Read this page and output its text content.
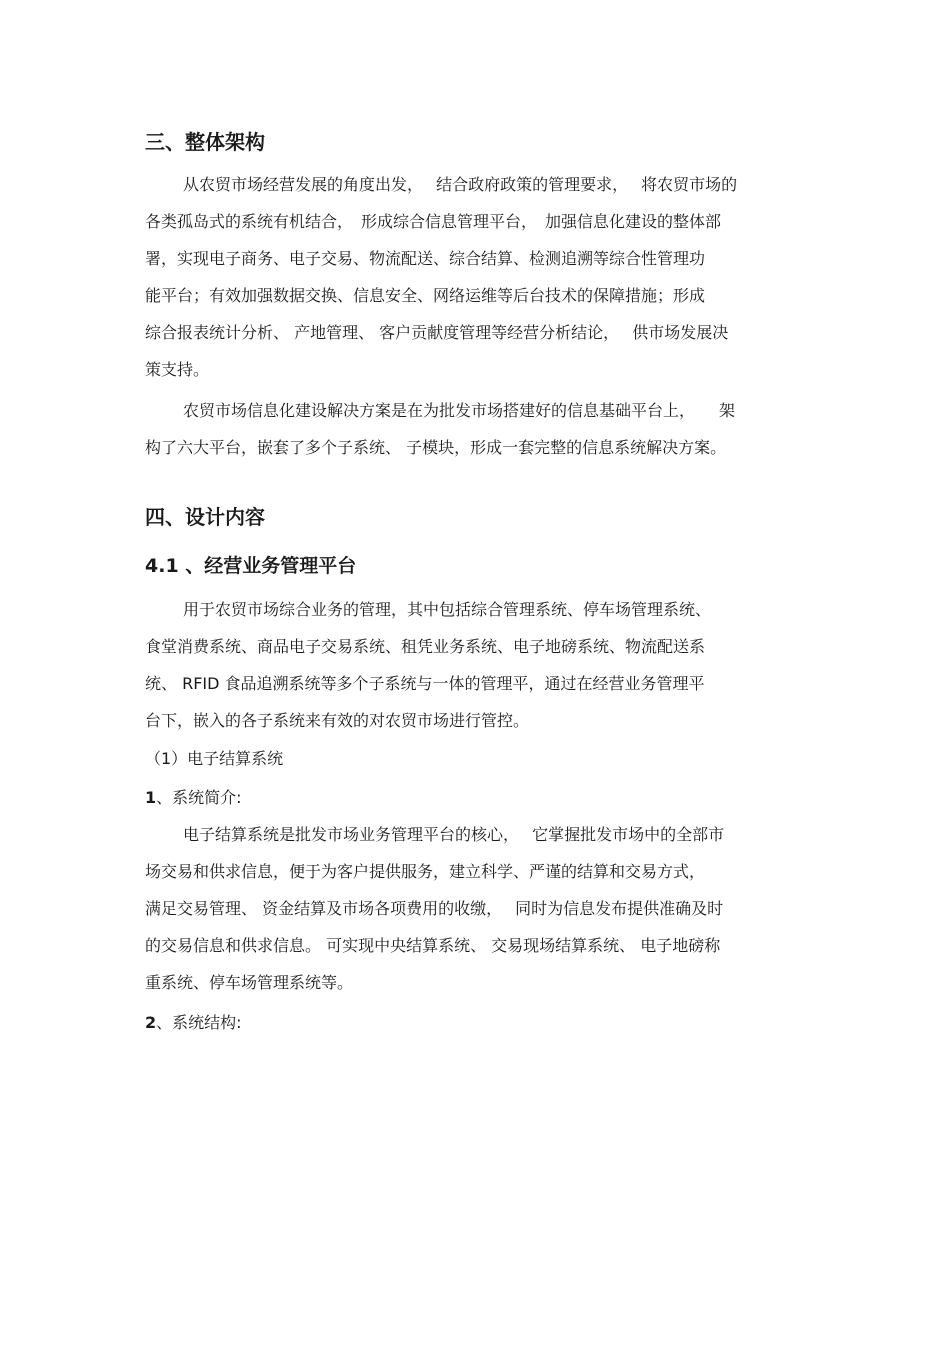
三、整体架构

从农贸市场经营发展的角度出发，　 结合政府政策的管理要求，　 将农贸市场的
各类孤岛式的系统有机结合，　形成综合信息管理平台，　加强信息化建设的整体部
署，实现电子商务、电子交易、物流配送、综合结算、检测追溯等综合性管理功
能平台；有效加强数据交换、信息安全、网络运维等后台技术的保障措施；形成
综合报表统计分析、 产地管理、 客户贡献度管理等经营分析结论，　 供市场发展决
策支持。

农贸市场信息化建设解决方案是在为批发市场搭建好的信息基础平台上，　　架
构了六大平台，嵌套了多个子系统、 子模块，形成一套完整的信息系统解决方案。

四、设计内容
4.1 、经营业务管理平台

用于农贸市场综合业务的管理，其中包括综合管理系统、停车场管理系统、
食堂消费系统、商品电子交易系统、租凭业务系统、电子地磅系统、物流配送系
统、 RFID 食品追溯系统等多个子系统与一体的管理平，通过在经营业务管理平
台下，嵌入的各子系统来有效的对农贸市场进行管控。

（1）电子结算系统
1、系统简介:

电子结算系统是批发市场业务管理平台的核心，　 它掌握批发市场中的全部市
场交易和供求信息，便于为客户提供服务，建立科学、严谨的结算和交易方式，
满足交易管理、 资金结算及市场各项费用的收缴，　 同时为信息发布提供准确及时
的交易信息和供求信息。 可实现中央结算系统、 交易现场结算系统、 电子地磅称
重系统、停车场管理系统等。

2、系统结构:
